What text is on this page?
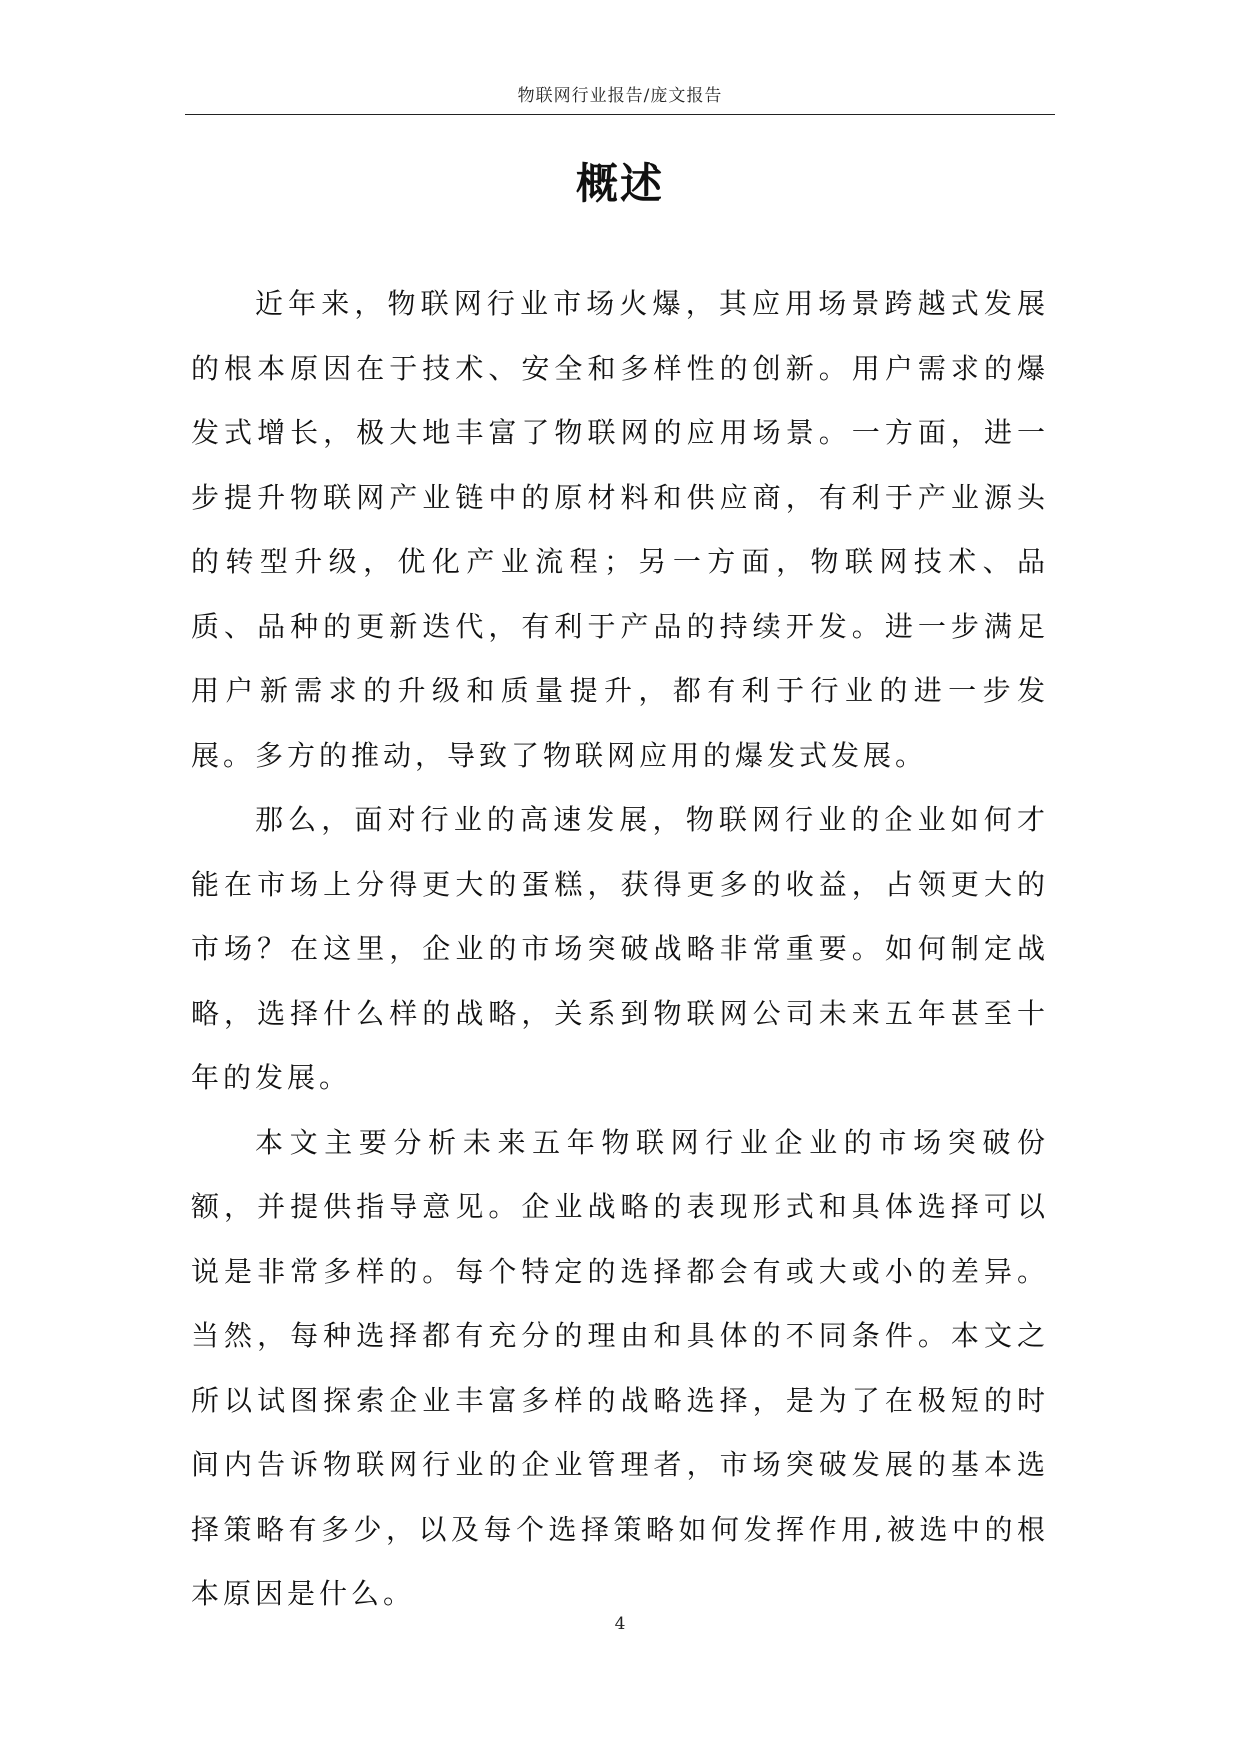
物联网行业报告/庞文报告
概述

近年来，物联网行业市场火爆，其应用场景跨越式发展的根本原因在于技术、安全和多样性的创新。用户需求的爆发式增长，极大地丰富了物联网的应用场景。一方面，进一步提升物联网产业链中的原材料和供应商，有利于产业源头的转型升级，优化产业流程；另一方面，物联网技术、品质、品种的更新迭代，有利于产品的持续开发。进一步满足用户新需求的升级和质量提升，都有利于行业的进一步发展。多方的推动，导致了物联网应用的爆发式发展。

那么，面对行业的高速发展，物联网行业的企业如何才能在市场上分得更大的蛋糕，获得更多的收益，占领更大的市场？在这里，企业的市场突破战略非常重要。如何制定战略，选择什么样的战略，关系到物联网公司未来五年甚至十年的发展。

本文主要分析未来五年物联网行业企业的市场突破份额，并提供指导意见。企业战略的表现形式和具体选择可以说是非常多样的。每个特定的选择都会有或大或小的差异。当然，每种选择都有充分的理由和具体的不同条件。本文之所以试图探索企业丰富多样的战略选择，是为了在极短的时间内告诉物联网行业的企业管理者，市场突破发展的基本选择策略有多少，以及每个选择策略如何发挥作用,被选中的根本原因是什么。

4
